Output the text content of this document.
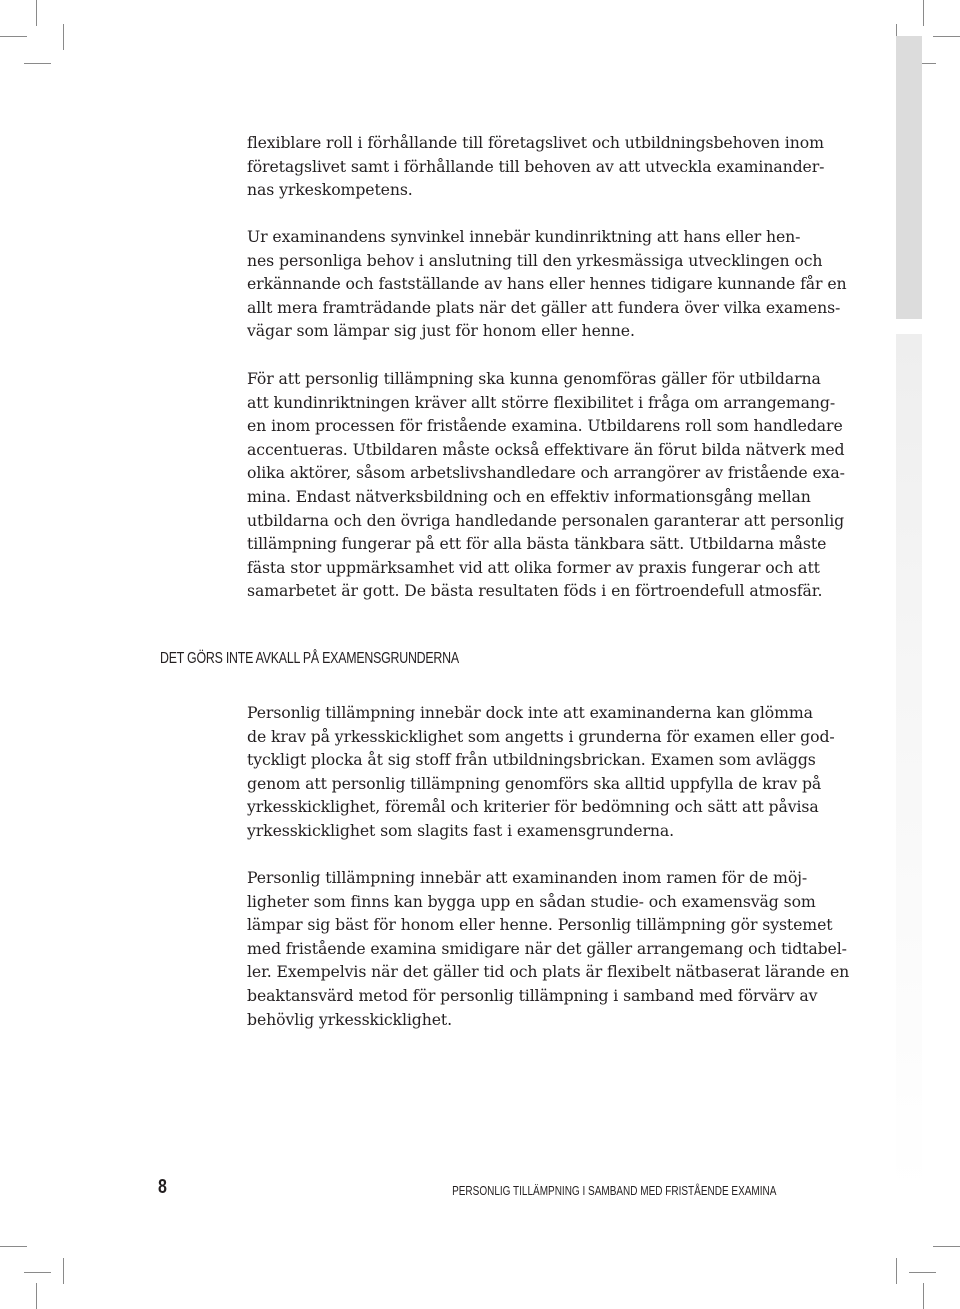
flexiblare roll i förhållande till företagslivet och utbildningsbehoven inom
företagslivet samt i förhållande till behoven av att utveckla examinander-
nas yrkeskompetens.

Ur examinandens synvinkel innebär kundinriktning att hans eller hen-
nes personliga behov i anslutning till den yrkesmässiga utvecklingen och
erkännande och fastställande av hans eller hennes tidigare kunnande får en
allt mera framträdande plats när det gäller att fundera över vilka examens-
vägar som lämpar sig just för honom eller henne.

För att personlig tillämpning ska kunna genomföras gäller för utbildarna
att kundinriktningen kräver allt större flexibilitet i fråga om arrangemang-
en inom processen för fristående examina. Utbildarens roll som handledare
accentueras. Utbildaren måste också effektivare än förut bilda nätverk med
olika aktörer, såsom arbetslivshandledare och arrangörer av fristående exa-
mina. Endast nätverksbildning och en effektiv informationsgång mellan
utbildarna och den övriga handledande personalen garanterar att personlig
tillämpning fungerar på ett för alla bästa tänkbara sätt. Utbildarna måste
fästa stor uppmärksamhet vid att olika former av praxis fungerar och att
samarbetet är gott. De bästa resultaten föds i en förtroendefull atmosfär.

DET GÖRS INTE AVKALL PÅ EXAMENSGRUNDERNA

Personlig tillämpning innebär dock inte att examinanderna kan glömma
de krav på yrkesskicklighet som angetts i grunderna för examen eller god-
tyckligt plocka åt sig stoff från utbildningsbrickan. Examen som avläggs
genom att personlig tillämpning genomförs ska alltid uppfylla de krav på
yrkesskicklighet, föremål och kriterier för bedömning och sätt att påvisa
yrkesskicklighet som slagits fast i examensgrunderna.

Personlig tillämpning innebär att examinanden inom ramen för de möj-
ligheter som finns kan bygga upp en sådan studie- och examensväg som
lämpar sig bäst för honom eller henne. Personlig tillämpning gör systemet
med fristående examina smidigare när det gäller arrangemang och tidtabel-
ler. Exempelvis när det gäller tid och plats är flexibelt nätbaserat lärande en
beaktansvärd metod för personlig tillämpning i samband med förvärv av
behövlig yrkesskicklighet.

8	PERSONLIG TILLÄMPNING I SAMBAND MED FRISTÅENDE EXAMINA
